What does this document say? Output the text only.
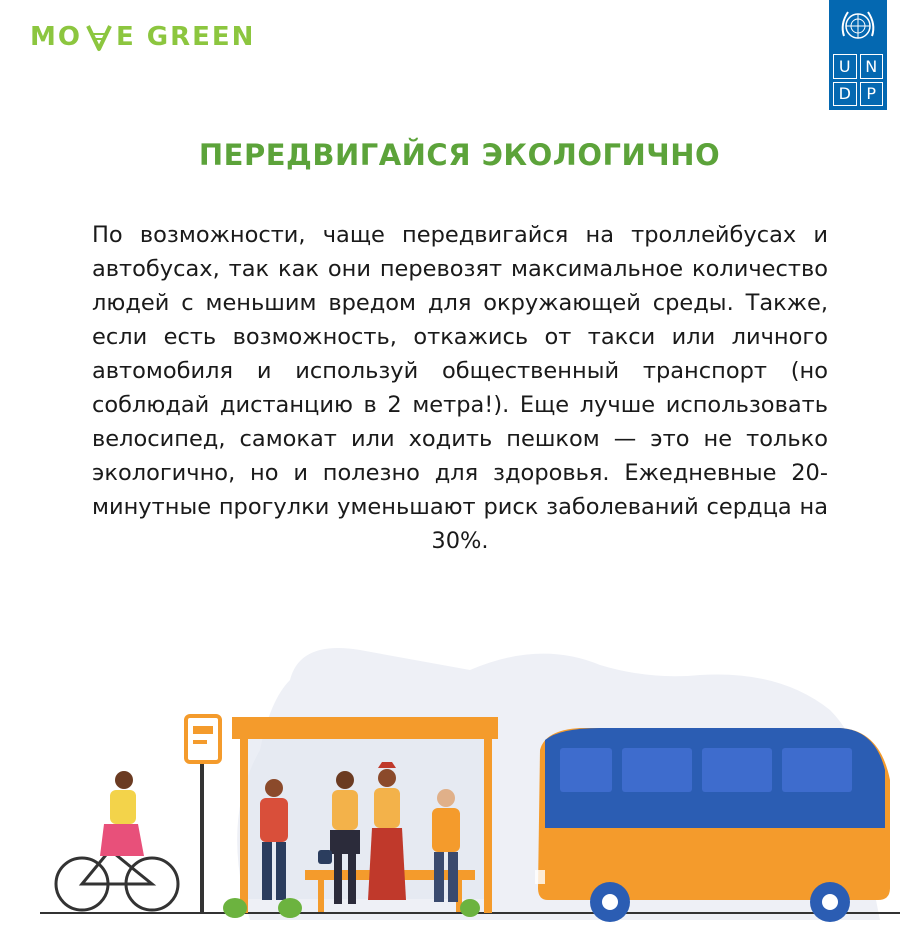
MO E GREEN
U N
D P
ПЕРЕДВИГАЙСЯ ЭКОЛОГИЧНО
По возможности, чаще передвигайся на троллейбусах и автобусах, так как они перевозят максимальное количество людей с меньшим вредом для окружающей среды. Также, если есть возможность, откажись от такси или личного автомобиля и используй общественный транспорт (но соблюдай дистанцию в 2 метра!). Еще лучше использовать велосипед, самокат или ходить пешком — это не только экологично, но и полезно для здоровья. Ежедневные 20-минутные прогулки уменьшают риск заболеваний сердца на 30%.
